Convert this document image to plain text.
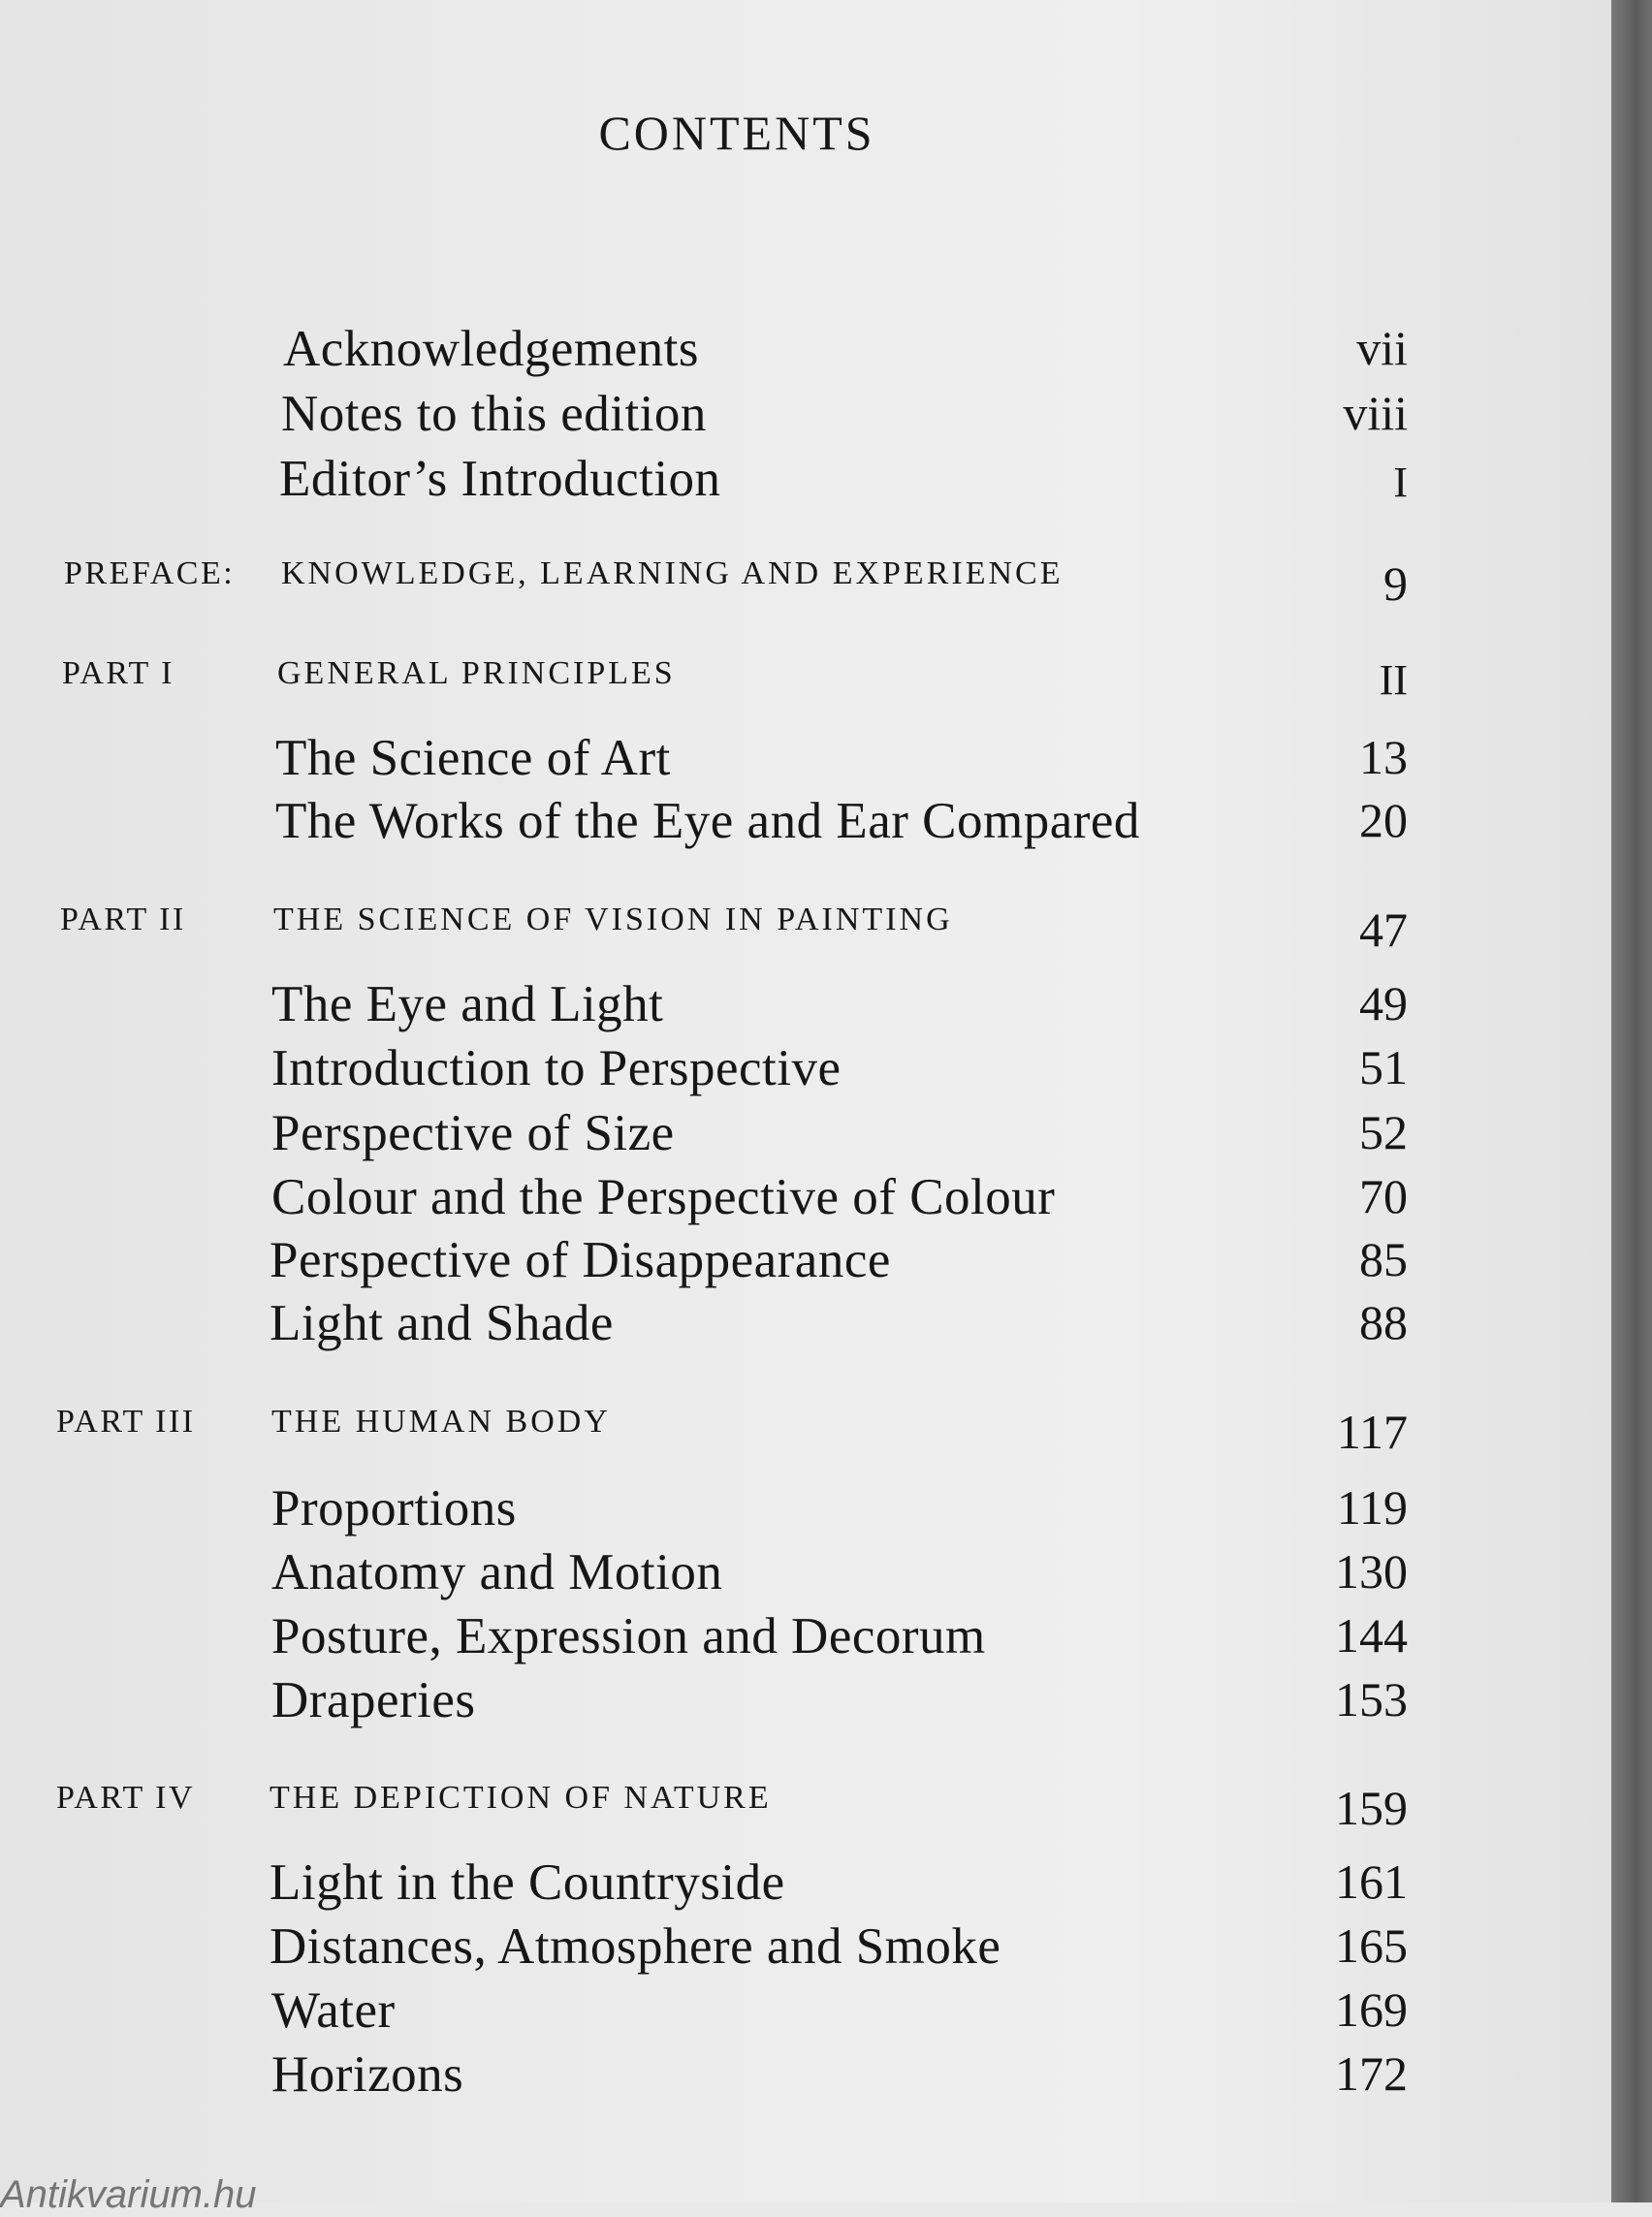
CONTENTS
Acknowledgements	vii
Notes to this edition	viii
Editor’s Introduction	I
PREFACE: KNOWLEDGE, LEARNING AND EXPERIENCE	9
PART I	GENERAL PRINCIPLES	II
The Science of Art	13
The Works of the Eye and Ear Compared	20
PART II	THE SCIENCE OF VISION IN PAINTING	47
The Eye and Light	49
Introduction to Perspective	51
Perspective of Size	52
Colour and the Perspective of Colour	70
Perspective of Disappearance	85
Light and Shade	88
PART III THE HUMAN BODY	117
Proportions	119
Anatomy and Motion	130
Posture, Expression and Decorum	144
Draperies	153
PART IV THE DEPICTION OF NATURE	159
Light in the Countryside	161
Distances, Atmosphere and Smoke	165
Water	169
Horizons	172
Antikvarium.hu
